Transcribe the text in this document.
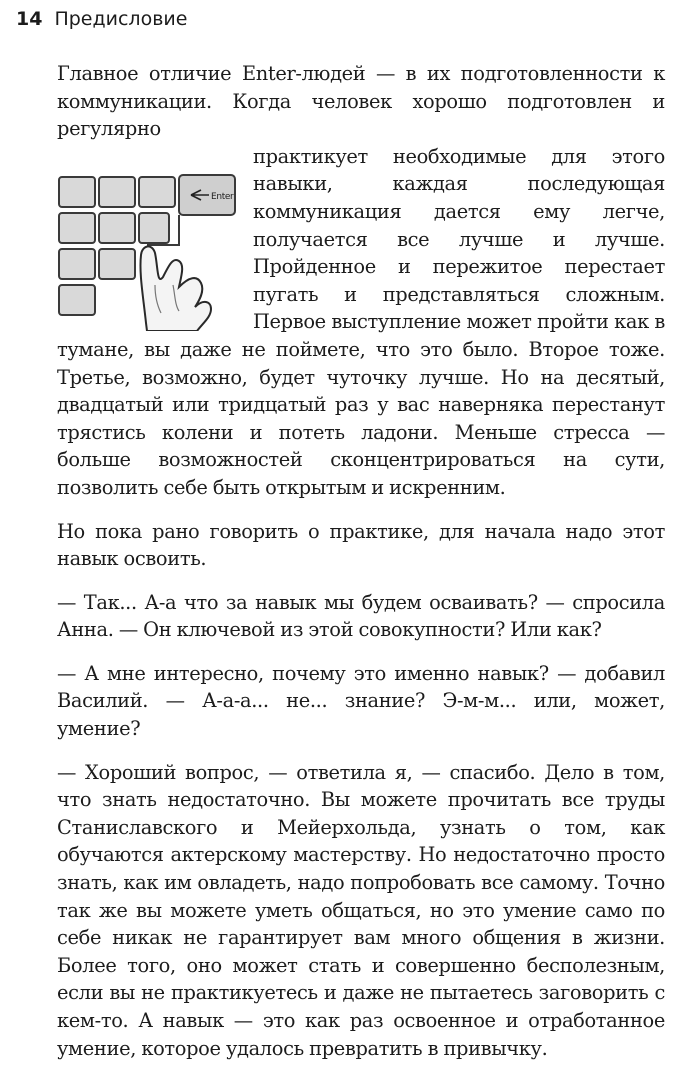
14 Предисловие

Главное отличие Enter-людей — в их подготовленности к коммуникации. Когда человек хорошо подготовлен и регулярно

Enter
практикует необходимые для этого навыки, каждая последующая коммуникация дается ему легче, получается все лучше и лучше. Пройденное и пережитое перестает пугать и представляться сложным. Первое выступление может пройти как в тумане, вы даже не поймете, что это было. Второе тоже. Третье, возможно, будет чуточку лучше. Но на десятый, двадцатый или тридцатый раз у вас наверняка перестанут трястись колени и потеть ладони. Меньше стресса — больше возможностей сконцентрироваться на сути, позволить себе быть открытым и искренним.

Но пока рано говорить о практике, для начала надо этот навык освоить.

— Так... А-а что за навык мы будем осваивать? — спросила Анна. — Он ключевой из этой совокупности? Или как?

— А мне интересно, почему это именно навык? — добавил Василий. — А-а-а... не... знание? Э-м-м... или, может, умение?

— Хороший вопрос, — ответила я, — спасибо. Дело в том, что знать недостаточно. Вы можете прочитать все труды Станиславского и Мейерхольда, узнать о том, как обучаются актерскому мастерству. Но недостаточно просто знать, как им овладеть, надо попробовать все самому. Точно так же вы можете уметь общаться, но это умение само по себе никак не гарантирует вам много общения в жизни. Более того, оно может стать и совершенно бесполезным, если вы не практикуетесь и даже не пытаетесь заговорить с кем-то. А навык — это как раз освоенное и отработанное умение, которое удалось превратить в привычку.
